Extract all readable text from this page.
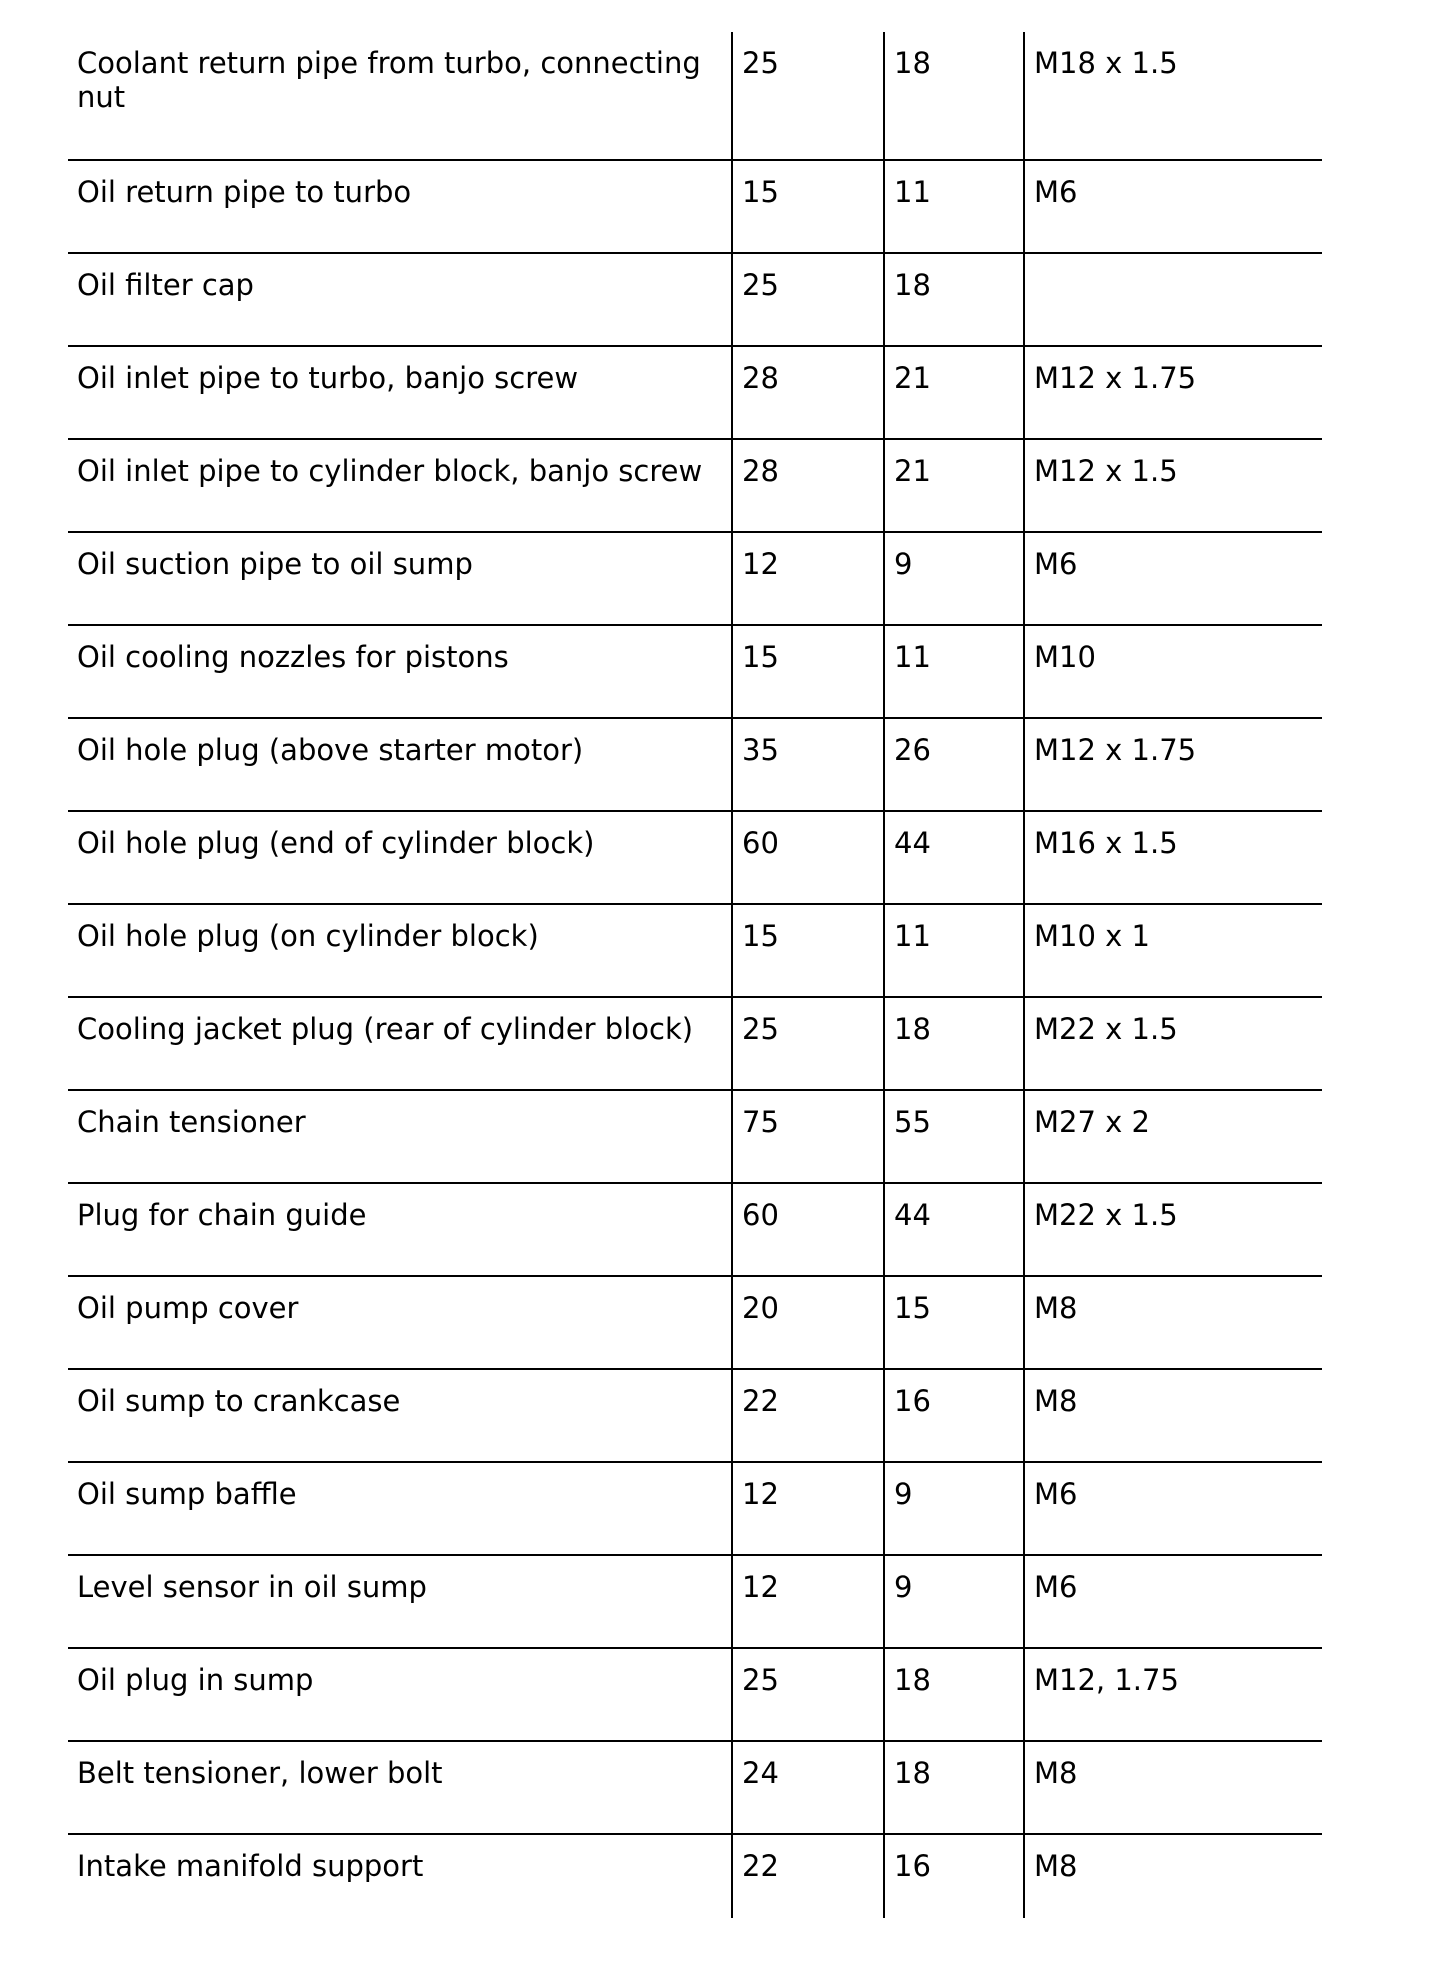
Coolant return pipe from turbo, connecting nut	25	18	M18 x 1.5
Oil return pipe to turbo	15	11	M6
Oil filter cap	25	18	
Oil inlet pipe to turbo, banjo screw	28	21	M12 x 1.75
Oil inlet pipe to cylinder block, banjo screw	28	21	M12 x 1.5
Oil suction pipe to oil sump	12	9	M6
Oil cooling nozzles for pistons	15	11	M10
Oil hole plug (above starter motor)	35	26	M12 x 1.75
Oil hole plug (end of cylinder block)	60	44	M16 x 1.5
Oil hole plug (on cylinder block)	15	11	M10 x 1
Cooling jacket plug (rear of cylinder block)	25	18	M22 x 1.5
Chain tensioner	75	55	M27 x 2
Plug for chain guide	60	44	M22 x 1.5
Oil pump cover	20	15	M8
Oil sump to crankcase	22	16	M8
Oil sump baffle	12	9	M6
Level sensor in oil sump	12	9	M6
Oil plug in sump	25	18	M12, 1.75
Belt tensioner, lower bolt	24	18	M8
Intake manifold support	22	16	M8
